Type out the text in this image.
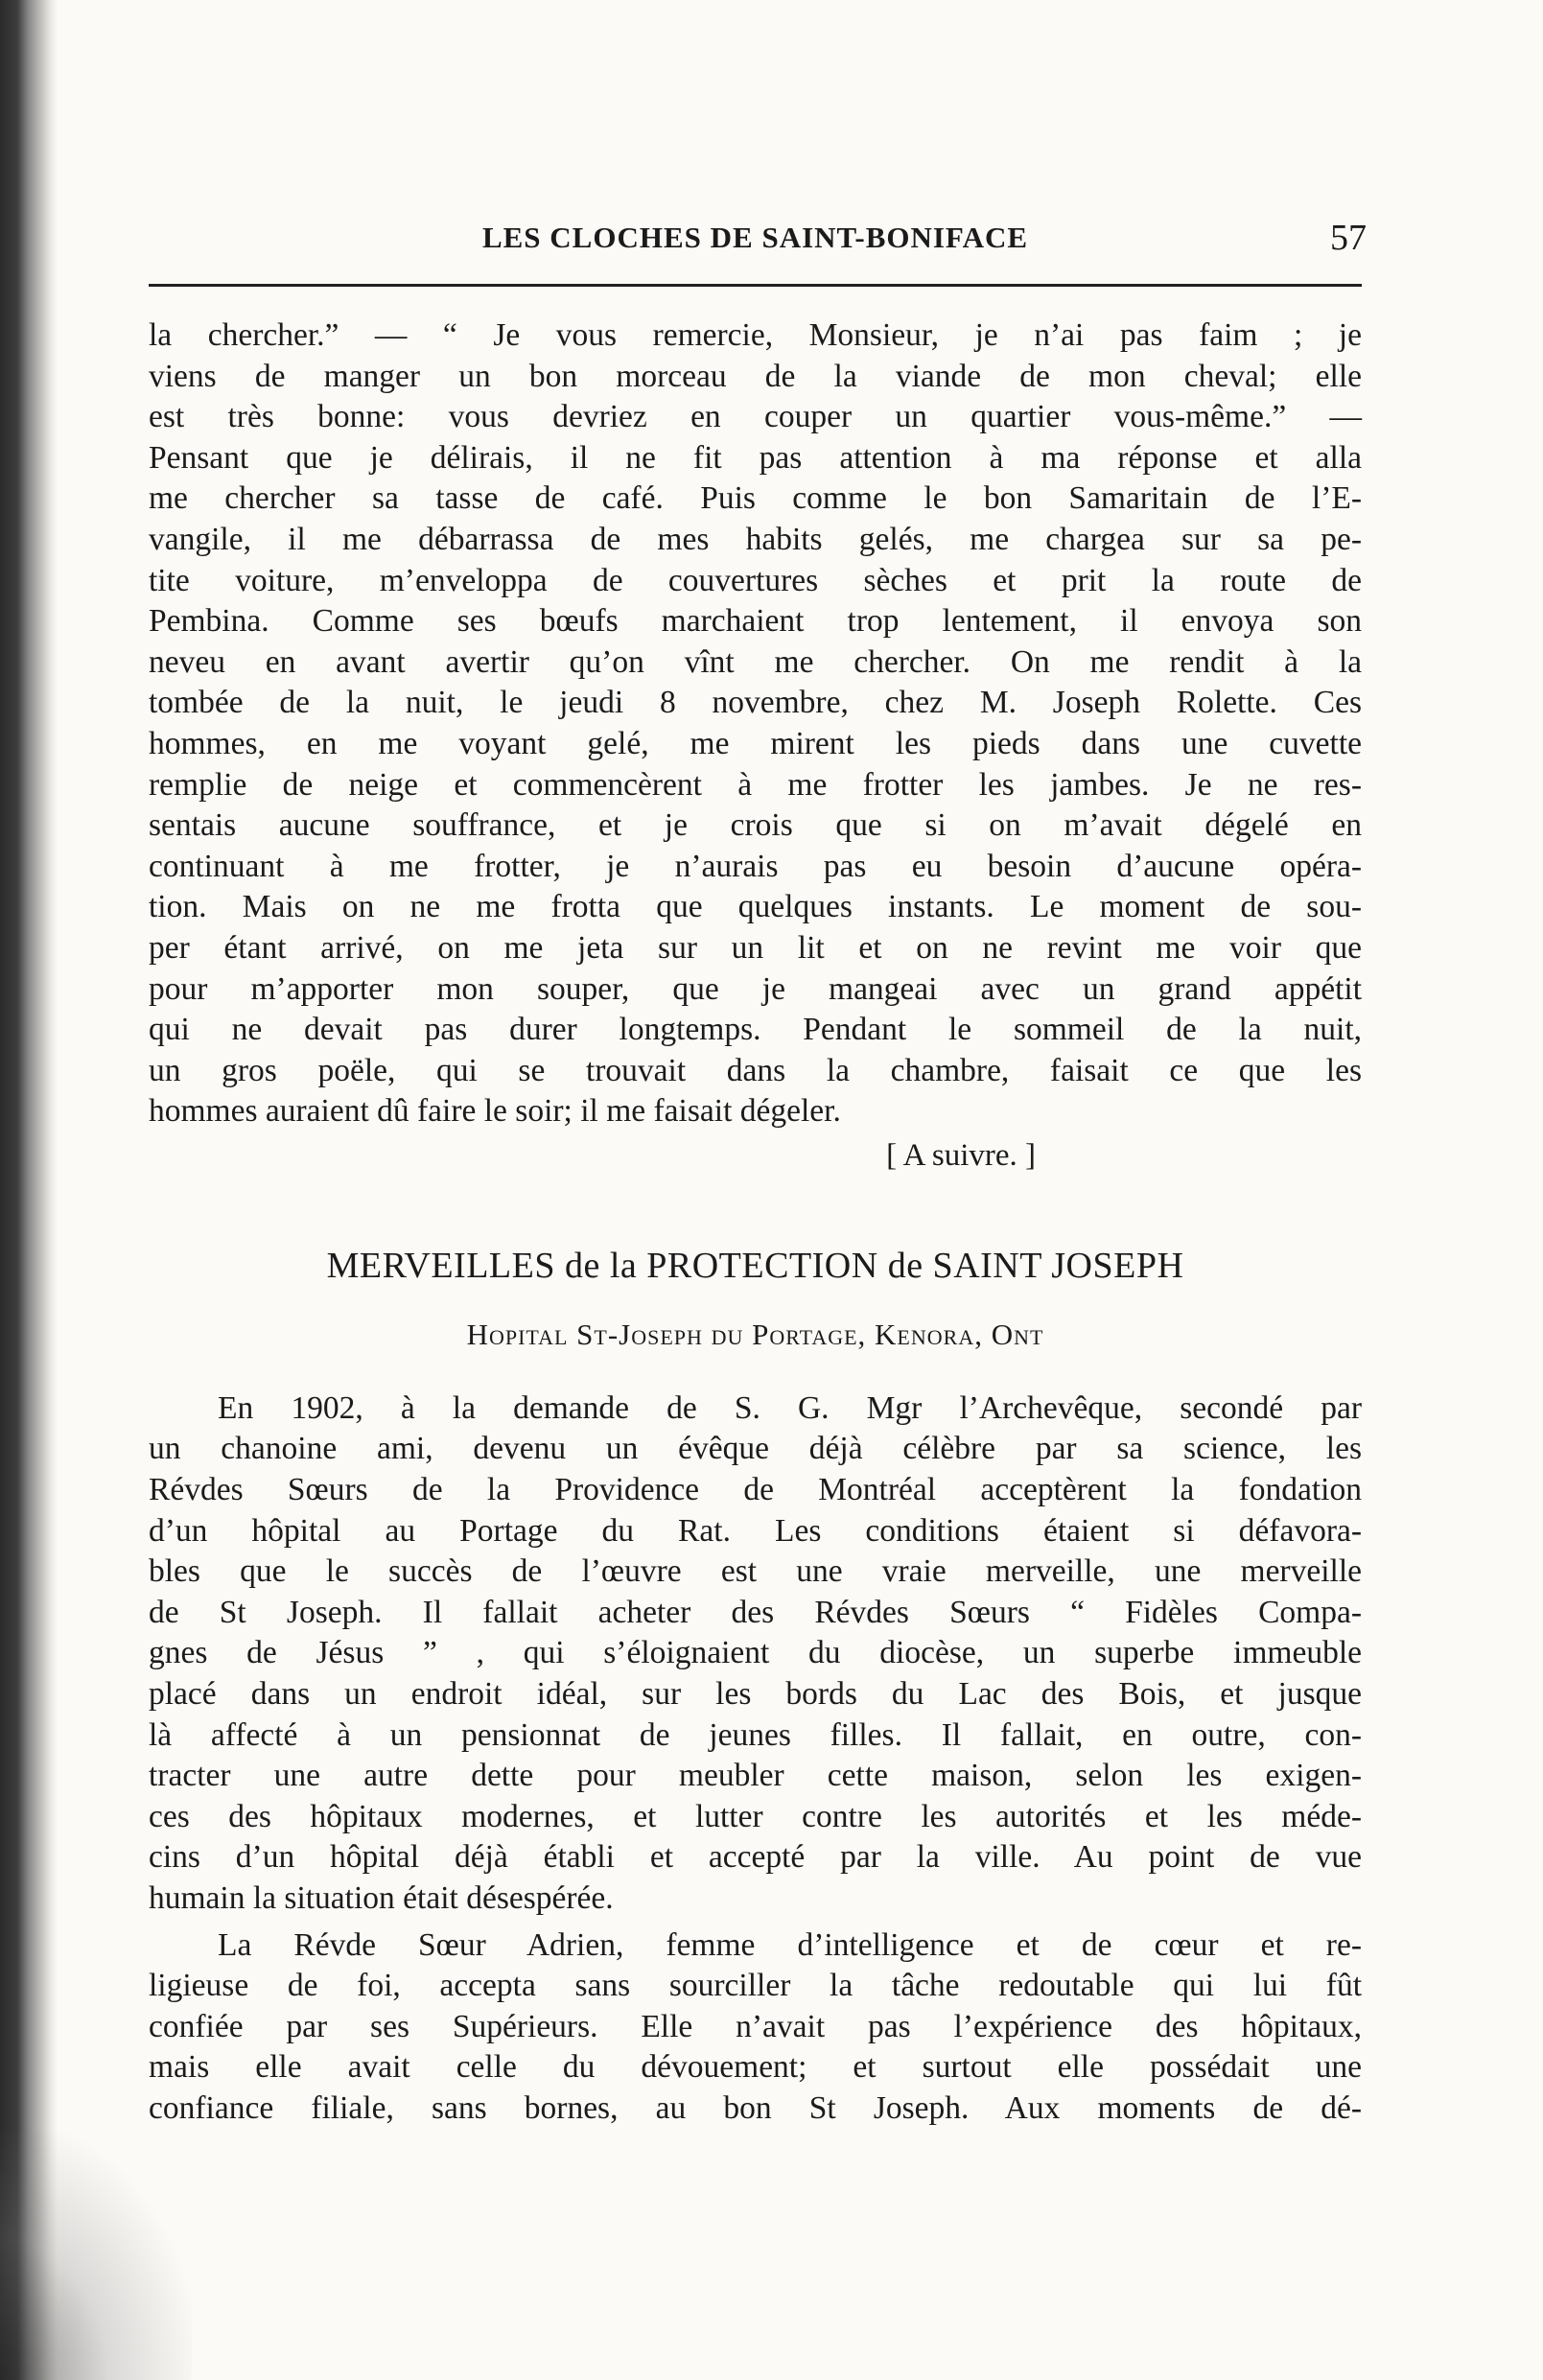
LES CLOCHES DE SAINT-BONIFACE	57
la chercher.” — “ Je vous remercie, Monsieur, je n’ai pas faim ; je
viens de manger un bon morceau de la viande de mon cheval; elle
est très bonne: vous devriez en couper un quartier vous-même.” —
Pensant que je délirais, il ne fit pas attention à ma réponse et alla
me chercher sa tasse de café. Puis comme le bon Samaritain de l’E-
vangile, il me débarrassa de mes habits gelés, me chargea sur sa pe-
tite voiture, m’enveloppa de couvertures sèches et prit la route de
Pembina. Comme ses bœufs marchaient trop lentement, il envoya son
neveu en avant avertir qu’on vînt me chercher. On me rendit à la
tombée de la nuit, le jeudi 8 novembre, chez M. Joseph Rolette. Ces
hommes, en me voyant gelé, me mirent les pieds dans une cuvette
remplie de neige et commencèrent à me frotter les jambes. Je ne res-
sentais aucune souffrance, et je crois que si on m’avait dégelé en
continuant à me frotter, je n’aurais pas eu besoin d’aucune opéra-
tion. Mais on ne me frotta que quelques instants. Le moment de sou-
per étant arrivé, on me jeta sur un lit et on ne revint me voir que
pour m’apporter mon souper, que je mangeai avec un grand appétit
qui ne devait pas durer longtemps. Pendant le sommeil de la nuit,
un gros poële, qui se trouvait dans la chambre, faisait ce que les
hommes auraient dû faire le soir; il me faisait dégeler.
[ A suivre. ]
MERVEILLES de la PROTECTION de SAINT JOSEPH
Hopital St-Joseph du Portage, Kenora, Ont
En 1902, à la demande de S. G. Mgr l’Archevêque, secondé par
un chanoine ami, devenu un évêque déjà célèbre par sa science, les
Révdes Sœurs de la Providence de Montréal acceptèrent la fondation
d’un hôpital au Portage du Rat. Les conditions étaient si défavora-
bles que le succès de l’œuvre est une vraie merveille, une merveille
de St Joseph. Il fallait acheter des Révdes Sœurs “ Fidèles Compa-
gnes de Jésus ” , qui s’éloignaient du diocèse, un superbe immeuble
placé dans un endroit idéal, sur les bords du Lac des Bois, et jusque
là affecté à un pensionnat de jeunes filles. Il fallait, en outre, con-
tracter une autre dette pour meubler cette maison, selon les exigen-
ces des hôpitaux modernes, et lutter contre les autorités et les méde-
cins d’un hôpital déjà établi et accepté par la ville. Au point de vue
humain la situation était désespérée.
La Révde Sœur Adrien, femme d’intelligence et de cœur et re-
ligieuse de foi, accepta sans sourciller la tâche redoutable qui lui fût
confiée par ses Supérieurs. Elle n’avait pas l’expérience des hôpitaux,
mais elle avait celle du dévouement; et surtout elle possédait une
confiance filiale, sans bornes, au bon St Joseph. Aux moments de dé-
